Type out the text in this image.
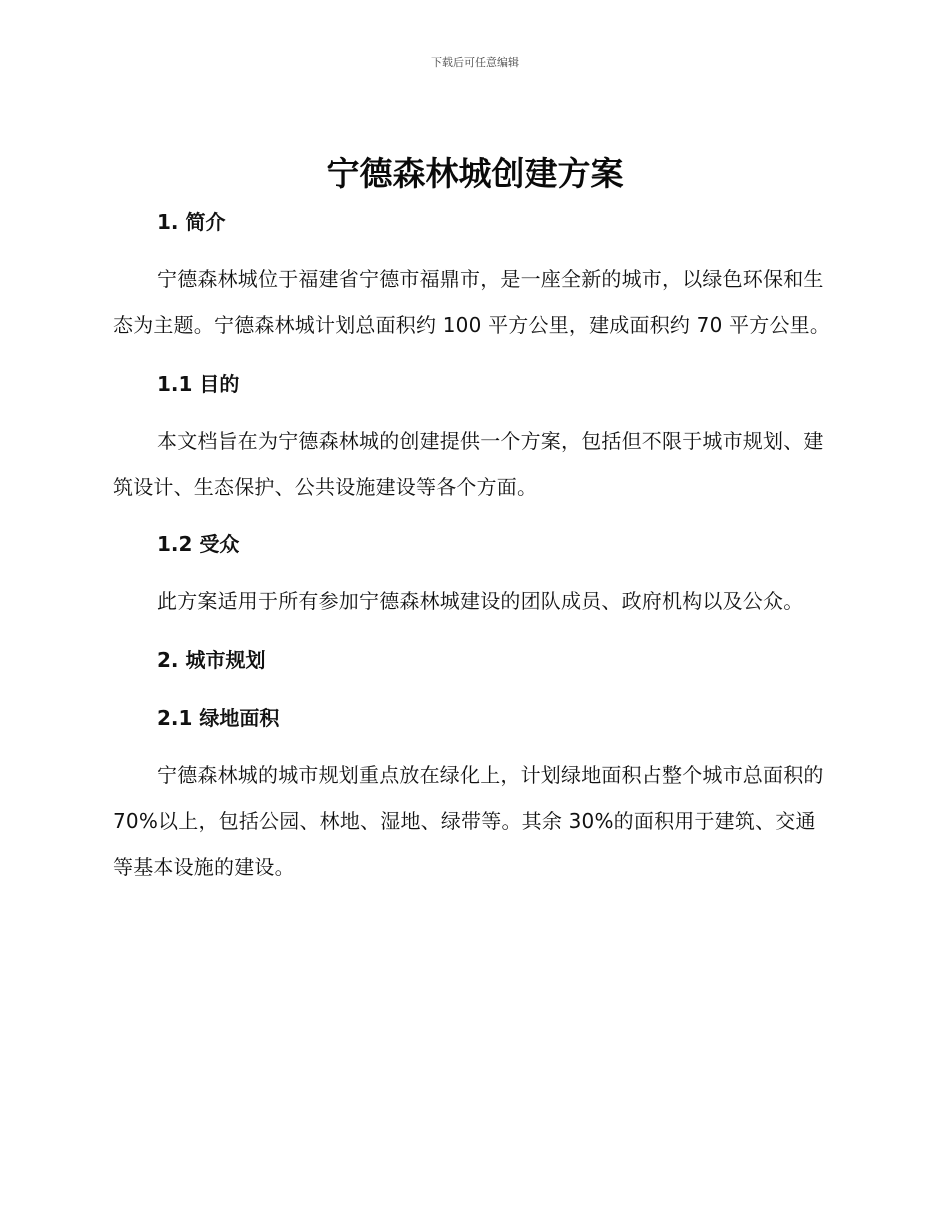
下载后可任意编辑
宁德森林城创建方案
1. 简介

宁德森林城位于福建省宁德市福鼎市，是一座全新的城市，以绿色环保和生态为主题。宁德森林城计划总面积约 100 平方公里，建成面积约 70 平方公里。

1.1 目的

本文档旨在为宁德森林城的创建提供一个方案，包括但不限于城市规划、建筑设计、生态保护、公共设施建设等各个方面。

1.2 受众

此方案适用于所有参加宁德森林城建设的团队成员、政府机构以及公众。

2. 城市规划
2.1 绿地面积

宁德森林城的城市规划重点放在绿化上，计划绿地面积占整个城市总面积的 70%以上，包括公园、林地、湿地、绿带等。其余 30%的面积用于建筑、交通等基本设施的建设。
